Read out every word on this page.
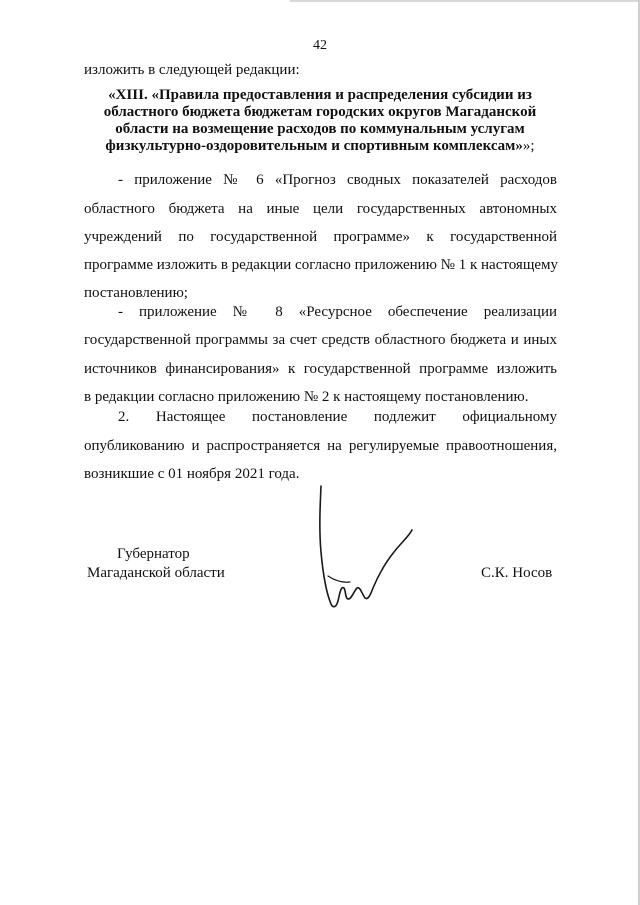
42
изложить в следующей редакции:
«XIII. «Правила предоставления и распределения субсидии из областного бюджета бюджетам городских округов Магаданской области на возмещение расходов по коммунальным услугам физкультурно-оздоровительным и спортивным комплексам»»;
- приложение № 6 «Прогноз сводных показателей расходов
областного бюджета на иные цели государственных автономных
учреждений по государственной программе» к государственной
программе изложить в редакции согласно приложению № 1 к настоящему
постановлению;
- приложение № 8 «Ресурсное обеспечение реализации
государственной программы за счет средств областного бюджета и иных
источников финансирования» к государственной программе изложить
в редакции согласно приложению № 2 к настоящему постановлению.
2. Настоящее постановление подлежит официальному
опубликованию и распространяется на регулируемые правоотношения,
возникшие с 01 ноября 2021 года.
Губернатор
Магаданской области	С.К. Носов
